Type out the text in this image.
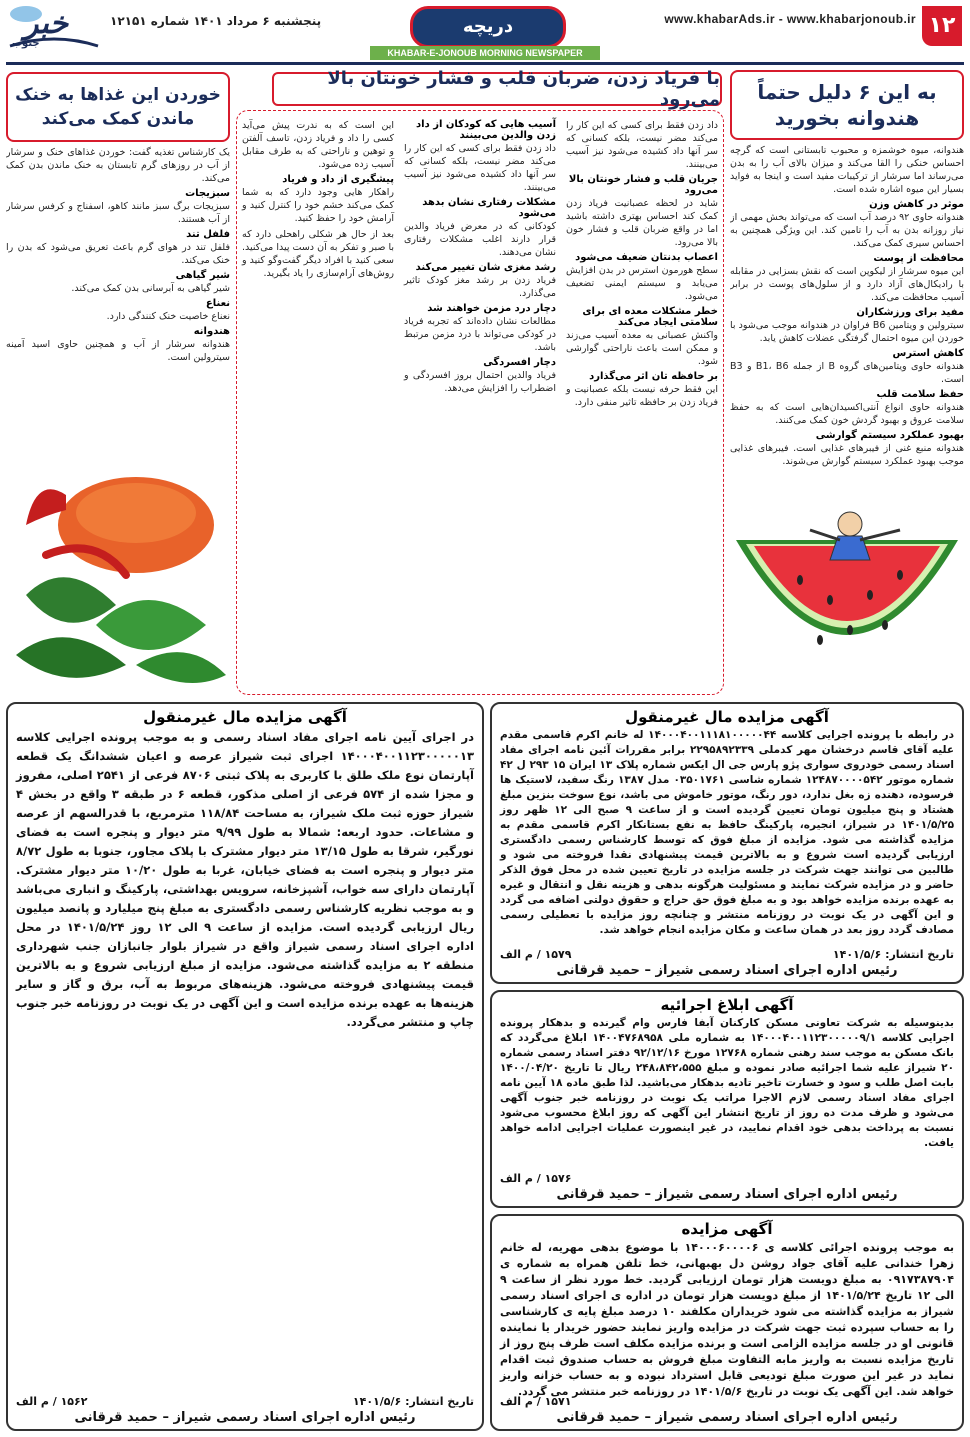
۱۲
www.khabarAds.ir - www.khabarjonoub.ir
دریچه
پنجشنبه ۶ مرداد ۱۴۰۱ شماره ۱۲۱۵۱
خبر
جنوب
KHABAR-E-JONOUB MORNING NEWSPAPER
به این ۶ دلیل حتماً هندوانه بخورید

هندوانه، میوه خوشمزه و محبوب تابستانی است که گرچه احساس خنکی را القا می‌کند و میزان بالای آب را به بدن می‌رساند اما سرشار از ترکیبات مفید است و اینجا به فواید بسیار این میوه اشاره شده است.

موثر در کاهش وزن

هندوانه حاوی ۹۲ درصد آب است که می‌تواند بخش مهمی از نیاز روزانه بدن به آب را تامین کند. این ویژگی همچنین به احساس سیری کمک می‌کند.

محافظت از پوست

این میوه سرشار از لیکوپن است که نقش بسزایی در مقابله با رادیکال‌های آزاد دارد و از سلول‌های پوست در برابر آسیب محافظت می‌کند.

مفید برای ورزشکاران

سیترولین و ویتامین B6 فراوان در هندوانه موجب می‌شود با خوردن این میوه احتمال گرفتگی عضلات کاهش یابد.

کاهش استرس

هندوانه حاوی ویتامین‌های گروه B از جمله B1، B6 و B3 است.

حفظ سلامت قلب

هندوانه حاوی انواع آنتی‌اکسیدان‌هایی است که به حفظ سلامت عروق و بهبود گردش خون کمک می‌کنند.

بهبود عملکرد سیستم گوارشی

هندوانه منبع غنی از فیبرهای غذایی است. فیبرهای غذایی موجب بهبود عملکرد سیستم گوارش می‌شوند.

با فریاد زدن، ضربان قلب و فشار خونتان بالا می‌رود

داد زدن فقط برای کسی که این کار را می‌کند مضر نیست، بلکه کسانی که سر آنها داد کشیده می‌شود نیز آسیب می‌بینند.

جریان قلب و فشار خونتان بالا می‌رود

شاید در لحظه عصبانیت فریاد زدن کمک کند احساس بهتری داشته باشید اما در واقع ضربان قلب و فشار خون بالا می‌رود.

اعصاب بدنتان ضعیف می‌شود

سطح هورمون استرس در بدن افزایش می‌یابد و سیستم ایمنی تضعیف می‌شود.

خطر مشکلات معده ای برای سلامتی ایجاد می‌کند

واکنش عصبانی به معده آسیب می‌زند و ممکن است باعث ناراحتی گوارشی شود.

بر حافظه تان اثر می‌گذارد

این فقط حرفه نیست بلکه عصبانیت و فریاد زدن بر حافظه تاثیر منفی دارد.

آسیب هایی که کودکان از داد زدن والدین می‌بینند

داد زدن فقط برای کسی که این کار را می‌کند مضر نیست، بلکه کسانی که سر آنها داد کشیده می‌شود نیز آسیب می‌بینند.

مشکلات رفتاری نشان بدهد می‌شود

کودکانی که در معرض فریاد والدین قرار دارند اغلب مشکلات رفتاری نشان می‌دهند.

رشد مغزی شان تغییر می‌کند

فریاد زدن بر رشد مغز کودک تاثیر می‌گذارد.

دچار درد مزمن خواهند شد

مطالعات نشان داده‌اند که تجربه فریاد در کودکی می‌تواند با درد مزمن مرتبط باشد.

دچار افسردگی

فریاد والدین احتمال بروز افسردگی و اضطراب را افزایش می‌دهد.

این است که به ندرت پیش می‌آید کسی را داد و فریاد زدن، تاسف آلفتن و توهین و ناراحتی که به طرف مقابل آسیب زده می‌شود.

پیشگیری از داد و فریاد

راهکار هایی وجود دارد که به شما کمک می‌کند خشم خود را کنترل کنید و آرامش خود را حفظ کنید.

بعد از حال هر شکلی راهحلی دارد که با صبر و تفکر به آن دست پیدا می‌کنید. سعی کنید با افراد دیگر گفت‌وگو کنید و روش‌های آرام‌سازی را یاد بگیرید.

خوردن این غذاها به خنک ماندن کمک می‌کند

یک کارشناس تغذیه گفت: خوردن غذاهای خنک و سرشار از آب در روزهای گرم تابستان به خنک ماندن بدن کمک می‌کند.

سبزیجات

سبزیجات برگ سبز مانند کاهو، اسفناج و کرفس سرشار از آب هستند.

فلفل تند

فلفل تند در هوای گرم باعث تعریق می‌شود که بدن را خنک می‌کند.

شیر گیاهی

شیر گیاهی به آبرسانی بدن کمک می‌کند.

نعناع

نعناع خاصیت خنک کنندگی دارد.

هندوانه

هندوانه سرشار از آب و همچنین حاوی اسید آمینه سیترولین است.

آگهی مزایده مال غیرمنقول
در رابطه با پرونده اجرایی کلاسه ۱۴۰۰۰۴۰۰۱۱۱۸۱۰۰۰۰۰۴۴ له خانم اکرم قاسمی مقدم علیه آقای قاسم درخشان مهر کدملی ۲۲۹۵۸۹۲۳۳۹ برابر مقررات آئین نامه اجرای مفاد اسناد رسمی خودروی سواری پژو پارس جی ال ایکس شماره پلاک ۱۳ ایران ۱۵ ۲۹۳ ل ۴۲ شماره موتور ۱۲۴۸۷۰۰۰۰۵۴۲ شماره شاسی ۰۳۵۰۱۷۶۱ مدل ۱۳۸۷ رنگ سفید، لاستیک ها فرسوده، دهنده زه بغل ندارد، دور رنگ، موتور خاموش می باشد، نوع سوخت بنزین مبلغ هشتاد و پنج میلیون تومان تعیین گردیده است و از ساعت ۹ صبح الی ۱۲ ظهر روز ۱۴۰۱/۵/۲۵ در شیراز، انجیره، پارکینگ حافظ به نفع بستانکار اکرم قاسمی مقدم به مزایده گذاشته می شود. مزایده از مبلغ فوق که توسط کارشناس رسمی دادگستری ارزیابی گردیده است شروع و به بالاترین قیمت پیشنهادی نقدا فروخته می شود و طالبین می توانند جهت شرکت در جلسه مزایده در تاریخ تعیین شده در محل فوق الذکر حاضر و در مزایده شرکت نمایند و مسئولیت هرگونه بدهی و هزینه نقل و انتقال و غیره به عهده برنده مزایده خواهد بود و به مبلغ فوق حق حراج و حقوق دولتی اضافه می گردد و این آگهی در یک نوبت در روزنامه منتشر و چنانچه روز مزایده با تعطیلی رسمی مصادف گردد روز بعد در همان ساعت و مکان مزایده انجام خواهد شد.
تاریخ انتشار: ۱۴۰۱/۵/۶
۱۵۷۹ / م الف
رئیس اداره اجرای اسناد رسمی شیراز – حمید قرقانی
آگهی مزایده مال غیرمنقول
در اجرای آیین نامه اجرای مفاد اسناد رسمی و به موجب پرونده اجرایی کلاسه ۱۴۰۰۰۴۰۰۱۱۲۳۰۰۰۰۰۱۳ اجرای ثبت شیراز عرصه و اعیان ششدانگ یک قطعه آپارتمان نوع ملک طلق با کاربری به پلاک ثبتی ۸۷۰۶ فرعی از ۲۵۴۱ اصلی، مفروز و مجزا شده از ۵۷۴ فرعی از اصلی مذکور، قطعه ۶ در طبقه ۳ واقع در بخش ۴ شیراز حوزه ثبت ملک شیراز، به مساحت ۱۱۸/۸۴ مترمربع، با قدرالسهم از عرصه و مشاعات. حدود اربعه: شمالا به طول ۹/۹۹ متر دیوار و پنجره است به فضای نورگیر، شرقا به طول ۱۳/۱۵ متر دیوار مشترک با پلاک مجاور، جنوبا به طول ۸/۷۲ متر دیوار و پنجره است به فضای خیابان، غربا به طول ۱۰/۲۰ متر دیوار مشترک. آپارتمان دارای سه خواب، آشپزخانه، سرویس بهداشتی، پارکینگ و انباری می‌باشد و به موجب نظریه کارشناس رسمی دادگستری به مبلغ پنج میلیارد و پانصد میلیون ریال ارزیابی گردیده است. مزایده از ساعت ۹ الی ۱۲ روز ۱۴۰۱/۵/۲۴ در محل اداره اجرای اسناد رسمی شیراز واقع در شیراز بلوار جانبازان جنب شهرداری منطقه ۲ به مزایده گذاشته می‌شود. مزایده از مبلغ ارزیابی شروع و به بالاترین قیمت پیشنهادی فروخته می‌شود. هزینه‌های مربوط به آب، برق و گاز و سایر هزینه‌ها به عهده برنده مزایده است و این آگهی در یک نوبت در روزنامه خبر جنوب چاپ و منتشر می‌گردد.
تاریخ انتشار: ۱۴۰۱/۵/۶
۱۵۶۲ / م الف
رئیس اداره اجرای اسناد رسمی شیراز – حمید قرقانی
آگهی ابلاغ اجرائیه
بدینوسیله به شرکت تعاونی مسکن کارکنان آبفا فارس وام گیرنده و بدهکار پرونده اجرایی کلاسه ۱۴۰۰۰۴۰۰۱۱۲۳۰۰۰۰۰۹/۱ به شماره ملی ۱۴۰۰۴۷۶۸۹۵۸ ابلاغ می‌گردد که بانک مسکن به موجب سند رهنی شماره ۱۲۷۶۸ مورخ ۹۲/۱۲/۱۶ دفتر اسناد رسمی شماره ۲۰ شیراز علیه شما اجرائیه صادر نموده و مبلغ ۲۴۸،۸۴۲،۵۵۵ ریال تا تاریخ ۱۴۰۰/۰۴/۲۰ بابت اصل طلب و سود و خسارت تاخیر تادیه بدهکار می‌باشید. لذا طبق ماده ۱۸ آیین نامه اجرای مفاد اسناد رسمی لازم الاجرا مراتب یک نوبت در روزنامه خبر جنوب آگهی می‌شود و ظرف مدت ده روز از تاریخ انتشار این آگهی که روز ابلاغ محسوب می‌شود نسبت به پرداخت بدهی خود اقدام نمایید، در غیر اینصورت عملیات اجرایی ادامه خواهد یافت.
۱۵۷۶ / م الف
رئیس اداره اجرای اسناد رسمی شیراز – حمید قرقانی
آگهی مزایده
به موجب پرونده اجرائی کلاسه ی ۱۴۰۰۰۶۰۰۰۰۶ با موضوع بدهی مهریه، له خانم زهرا خندانی علیه آقای جواد روشن دل بهبهانی، خط تلفن همراه به شماره ی ۰۹۱۷۳۸۷۹۰۴ به مبلغ دویست هزار تومان ارزیابی گردید. خط مورد نظر از ساعت ۹ الی ۱۲ تاریخ ۱۴۰۱/۵/۲۴ از مبلغ دویست هزار تومان در اداره ی اجرای اسناد رسمی شیراز به مزایده گذاشته می شود خریداران مکلفند ۱۰ درصد مبلغ پایه ی کارشناسی را به حساب سپرده ثبت جهت شرکت در مزایده واریز نمایند حضور خریدار یا نماینده قانونی او در جلسه مزایده الزامی است و برنده مزایده مکلف است ظرف پنج روز از تاریخ مزایده نسبت به واریز مابه التفاوت مبلغ فروش به حساب صندوق ثبت اقدام نماید در غیر این صورت مبلغ تودیعی قابل استرداد نبوده و به حساب خزانه واریز خواهد شد. این آگهی یک نوبت در تاریخ ۱۴۰۱/۵/۶ در روزنامه خبر منتشر می گردد.
۱۵۷۱ / م الف
رئیس اداره اجرای اسناد رسمی شیراز – حمید قرقانی
